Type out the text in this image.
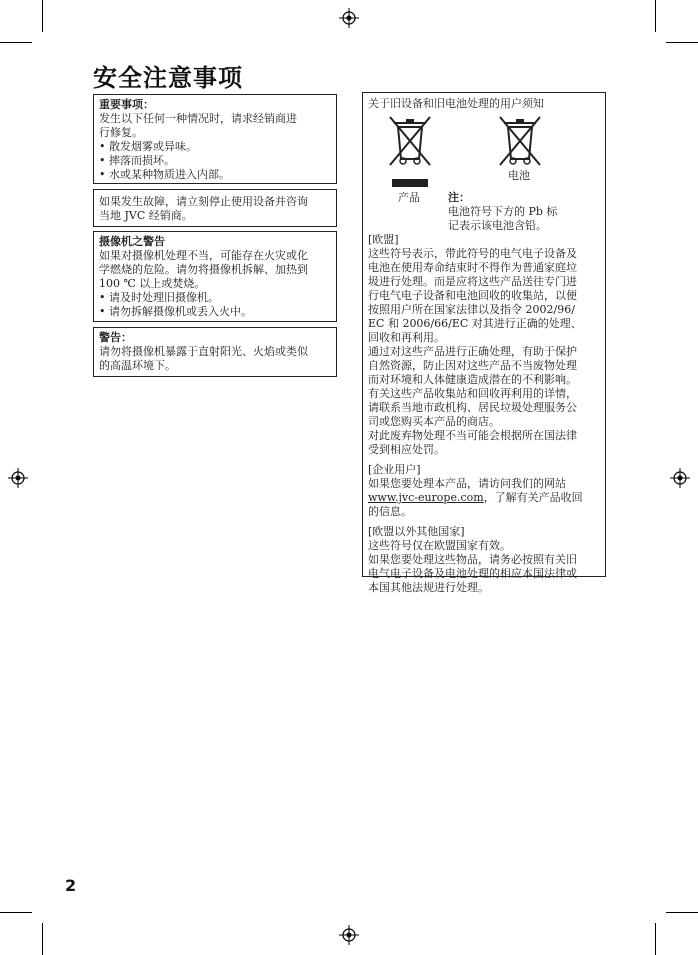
安全注意事项
重要事项：
发生以下任何一种情况时，请求经销商进
行修复。
• 散发烟雾或异味。
• 摔落而损坏。
• 水或某种物质进入内部。
如果发生故障，请立刻停止使用设备并咨询
当地 JVC 经销商。
摄像机之警告
如果对摄像机处理不当，可能存在火灾或化
学燃烧的危险。请勿将摄像机拆解、加热到
100 ℃ 以上或焚烧。
• 请及时处理旧摄像机。
• 请勿拆解摄像机或丢入火中。
警告：
请勿将摄像机暴露于直射阳光、火焰或类似
的高温环境下。
关于旧设备和旧电池处理的用户须知
产品
电池
注：
电池符号下方的 Pb 标
记表示该电池含铅。
[欧盟]
这些符号表示，带此符号的电气电子设备及
电池在使用寿命结束时不得作为普通家庭垃
圾进行处理。而是应将这些产品送往专门进
行电气电子设备和电池回收的收集站，以便
按照用户所在国家法律以及指令 2002/96/
EC 和 2006/66/EC 对其进行正确的处理、
回收和再利用。
通过对这些产品进行正确处理，有助于保护
自然资源，防止因对这些产品不当废物处理
而对环境和人体健康造成潜在的不利影响。
有关这些产品收集站和回收再利用的详情，
请联系当地市政机构、居民垃圾处理服务公
司或您购买本产品的商店。
对此废弃物处理不当可能会根据所在国法律
受到相应处罚。
[企业用户]
如果您要处理本产品，请访问我们的网站
www.jvc-europe.com，了解有关产品收回
的信息。
[欧盟以外其他国家]
这些符号仅在欧盟国家有效。
如果您要处理这些物品，请务必按照有关旧
电气电子设备及电池处理的相应本国法律或
本国其他法规进行处理。
2
